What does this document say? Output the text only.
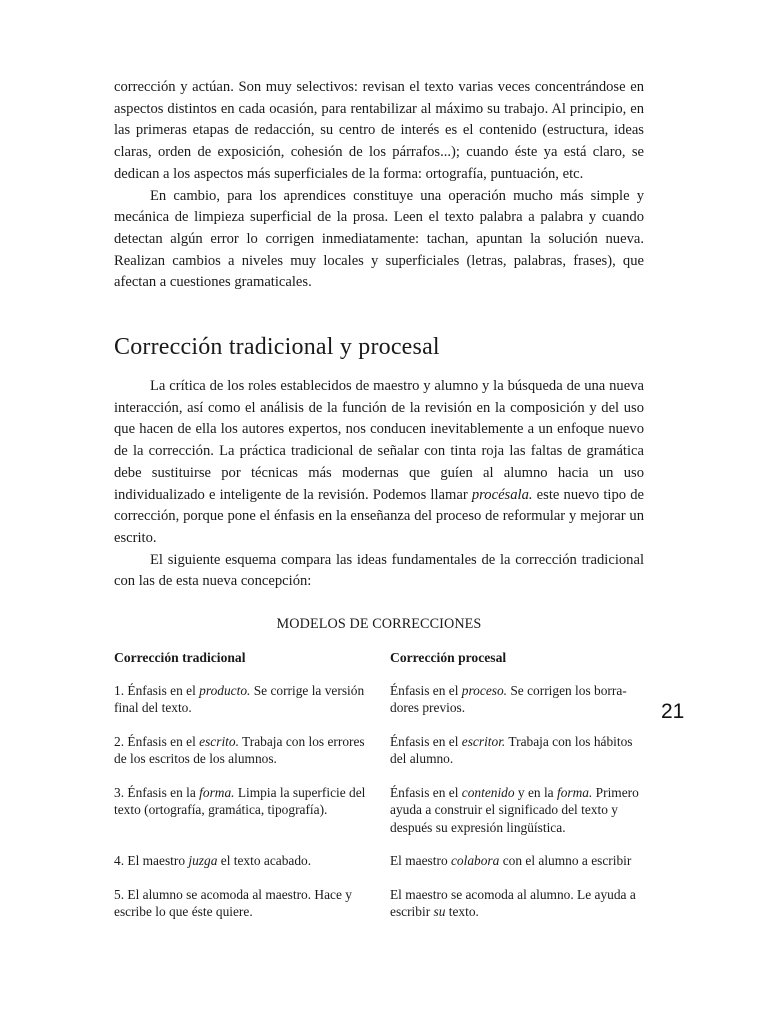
corrección y actúan. Son muy selectivos: revisan el texto varias veces concentrándose en aspectos distintos en cada ocasión, para rentabilizar al máximo su trabajo. Al principio, en las primeras etapas de redacción, su centro de interés es el contenido (estructura, ideas claras, orden de exposición, cohesión de los párrafos...); cuando éste ya está claro, se dedican a los aspectos más superficiales de la forma: ortografía, puntuación, etc.

En cambio, para los aprendices constituye una operación mucho más simple y mecánica de limpieza superficial de la prosa. Leen el texto palabra a palabra y cuando detectan algún error lo corrigen inmediatamente: tachan, apuntan la solución nueva. Realizan cambios a niveles muy locales y superficiales (letras, palabras, frases), que afectan a cuestiones gramaticales.

Corrección tradicional y procesal

La crítica de los roles establecidos de maestro y alumno y la búsqueda de una nueva interacción, así como el análisis de la función de la revisión en la composición y del uso que hacen de ella los autores expertos, nos conducen inevitablemente a un enfoque nuevo de la corrección. La práctica tradicional de señalar con tinta roja las faltas de gramática debe sustituirse por técnicas más modernas que guíen al alumno hacia un uso individualizado e inteligente de la revisión. Podemos llamar procésala. este nuevo tipo de corrección, porque pone el énfasis en la enseñanza del proceso de reformular y mejorar un escrito.

El siguiente esquema compara las ideas fundamentales de la corrección tradicional con las de esta nueva concepción:

MODELOS DE CORRECCIONES
Corrección tradicional	Corrección procesal
1. Énfasis en el producto. Se corrige la versión final del texto.
Énfasis en el proceso. Se corrigen los borra-dores previos.
2. Énfasis en el escrito. Trabaja con los errores de los escritos de los alumnos.
Énfasis en el escritor. Trabaja con los hábitos del alumno.
3. Énfasis en la forma. Limpia la superficie del texto (ortografía, gramática, tipografía).
Énfasis en el contenido y en la forma. Primero ayuda a construir el significado del texto y después su expresión lingüística.
4. El maestro juzga el texto acabado.	El maestro colabora con el alumno a escribir
5. El alumno se acomoda al maestro. Hace y escribe lo que éste quiere.
El maestro se acomoda al alumno. Le ayuda a escribir su texto.
21
